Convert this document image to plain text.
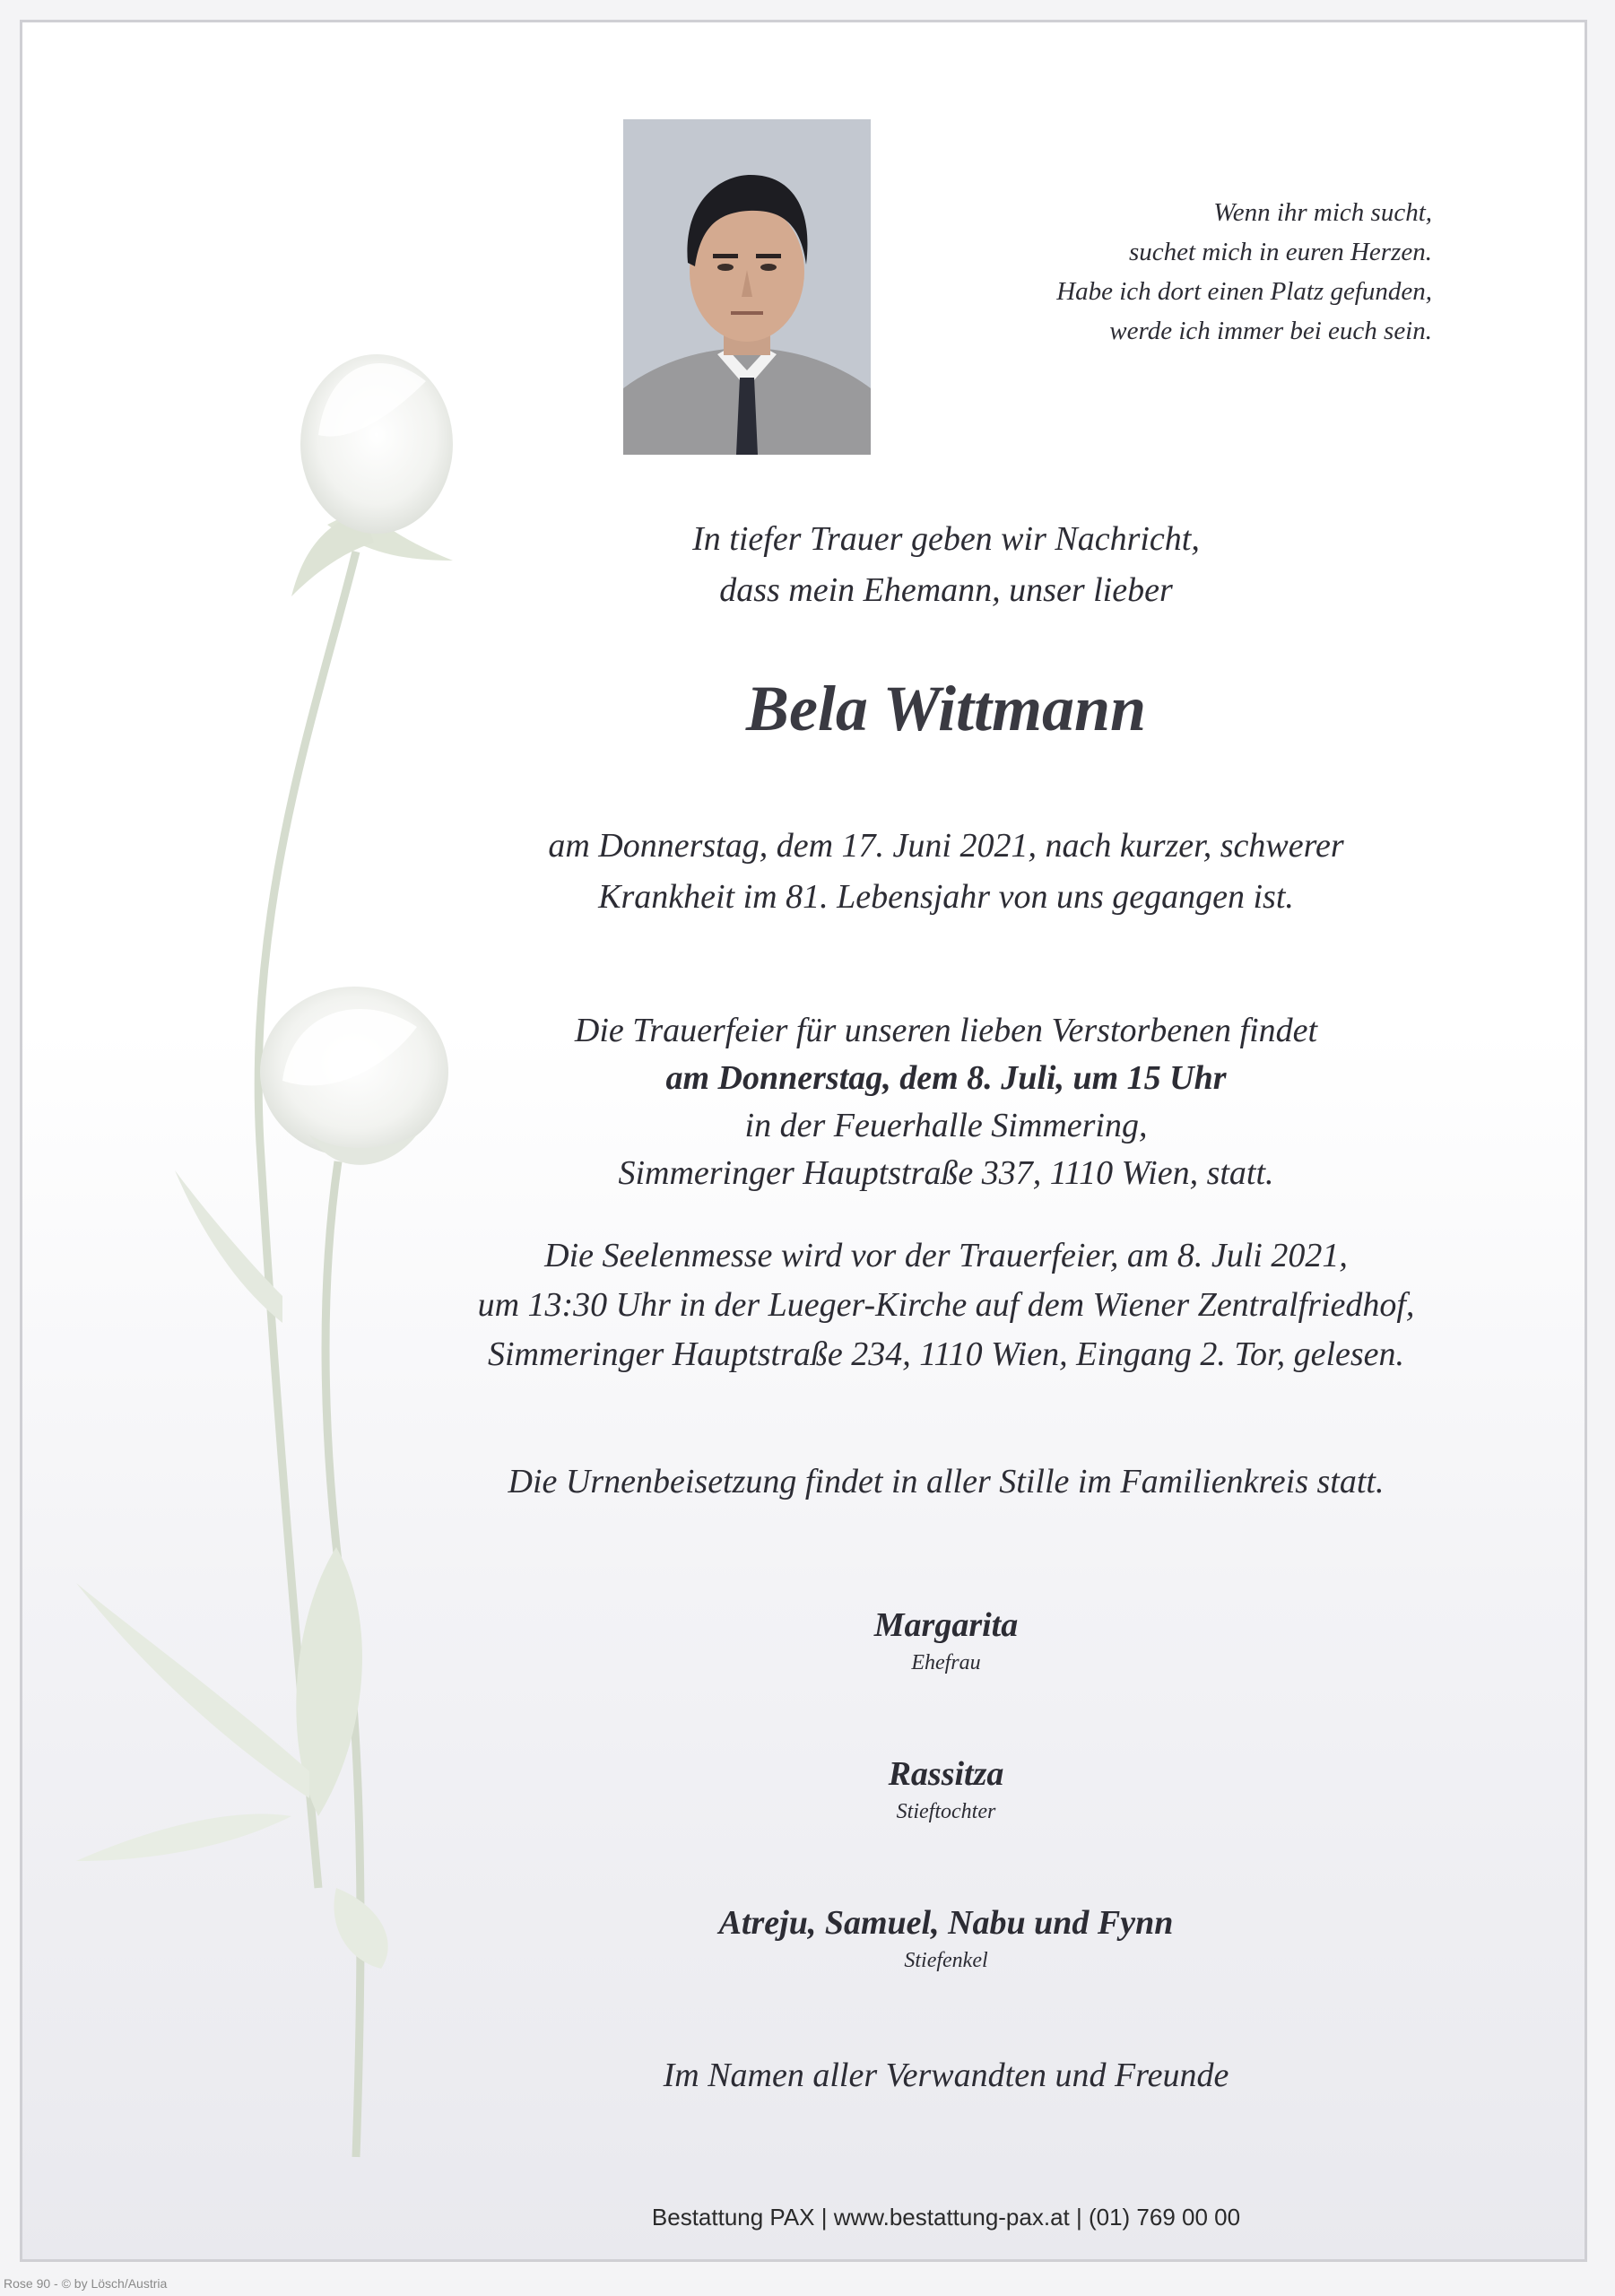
Wenn ihr mich sucht,
suchet mich in euren Herzen.
Habe ich dort einen Platz gefunden,
werde ich immer bei euch sein.
In tiefer Trauer geben wir Nachricht,
dass mein Ehemann, unser lieber
Bela Wittmann
am Donnerstag, dem 17. Juni 2021, nach kurzer, schwerer
Krankheit im 81. Lebensjahr von uns gegangen ist.
Die Trauerfeier für unseren lieben Verstorbenen findet
am Donnerstag, dem 8. Juli, um 15 Uhr
in der Feuerhalle Simmering,
Simmeringer Hauptstraße 337, 1110 Wien, statt.
Die Seelenmesse wird vor der Trauerfeier, am 8. Juli 2021,
um 13:30 Uhr in der Lueger-Kirche auf dem Wiener Zentralfriedhof,
Simmeringer Hauptstraße 234, 1110 Wien, Eingang 2. Tor, gelesen.
Die Urnenbeisetzung findet in aller Stille im Familienkreis statt.
Margarita
Ehefrau
Rassitza
Stieftochter
Atreju, Samuel, Nabu und Fynn
Stiefenkel
Im Namen aller Verwandten und Freunde
Bestattung PAX | www.bestattung-pax.at | (01) 769 00 00
Rose 90 - © by Lösch/Austria
